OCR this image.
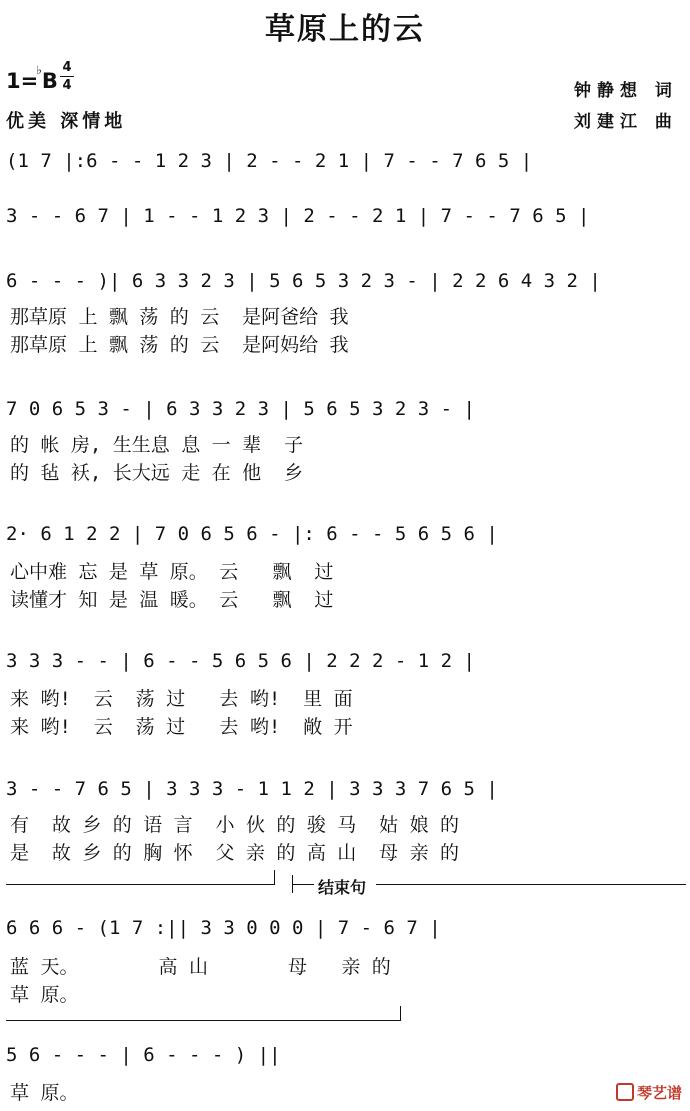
草原上的云
1=♭B
4
4
优美 深情地
钟静想 词
刘建江 曲
(1 7 |:6 - - 1 2 3 | 2 - - 2 1 | 7 - - 7 6 5 |
3 - - 6 7 | 1 - - 1 2 3 | 2 - - 2 1 | 7 - - 7 6 5 |
6 - - - )| 6 3 3 2 3 | 5 6 5 3 2 3 - | 2 2 6 4 3 2 |
那草原 上 飘 荡 的 云  是阿爸给 我
那草原 上 飘 荡 的 云  是阿妈给 我
7 0 6 5 3 - | 6 3 3 2 3 | 5 6 5 3 2 3 - |
的 帐 房, 生生息 息 一 辈  子
的 毡 袄, 长大远 走 在 他  乡
2· 6 1 2 2 | 7 0 6 5 6 - |: 6 - - 5 6 5 6 |
心中难 忘 是 草 原。 云   飘  过
读懂才 知 是 温 暖。 云   飘  过
3 3 3 - - | 6 - - 5 6 5 6 | 2 2 2 - 1 2 |
来 哟!  云  荡 过   去 哟!  里 面
来 哟!  云  荡 过   去 哟!  敞 开
3 - - 7 6 5 | 3 3 3 - 1 1 2 | 3 3 3 7 6 5 |
有  故 乡 的 语 言  小 伙 的 骏 马  姑 娘 的
是  故 乡 的 胸 怀  父 亲 的 高 山  母 亲 的
结束句
6 6 6 - (1 7 :|| 3 3 0 0 0 | 7 - 6 7 |
蓝 天。       高 山       母   亲 的
草 原。
5 6 - - - | 6 - - - ) ||
草 原。	琴艺谱
